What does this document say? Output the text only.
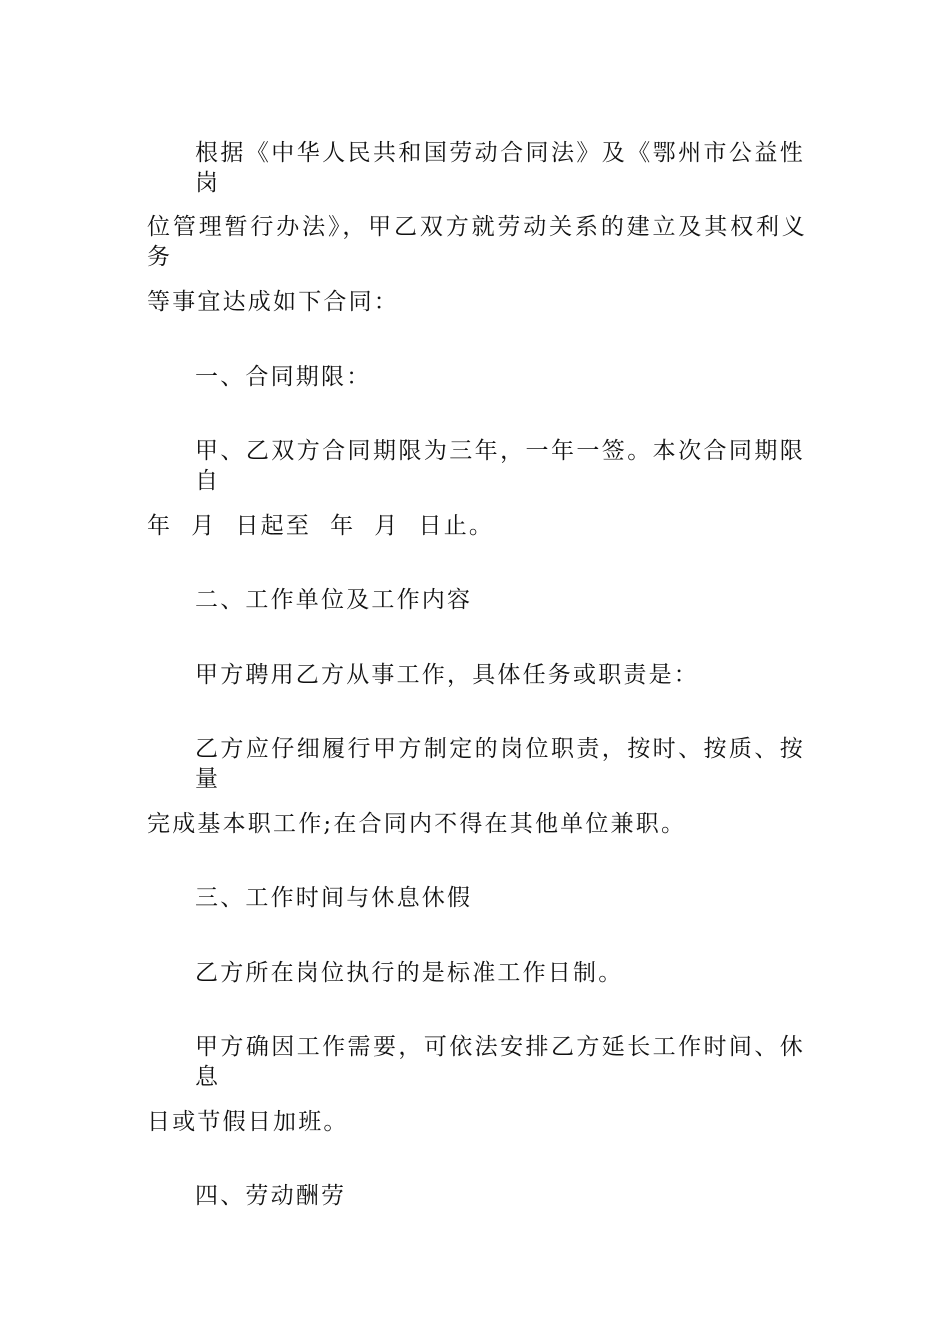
根据《中华人民共和国劳动合同法》及《鄂州市公益性岗

位管理暂行办法》，甲乙双方就劳动关系的建立及其权利义务

等事宜达成如下合同：

一、合同期限：

甲、乙双方合同期限为三年，一年一签。本次合同期限自

年  月  日起至  年  月  日止。

二、工作单位及工作内容

甲方聘用乙方从事工作，具体任务或职责是：

乙方应仔细履行甲方制定的岗位职责，按时、按质、按量

完成基本职工作;在合同内不得在其他单位兼职。

三、工作时间与休息休假

乙方所在岗位执行的是标准工作日制。

甲方确因工作需要，可依法安排乙方延长工作时间、休息

日或节假日加班。

四、劳动酬劳
